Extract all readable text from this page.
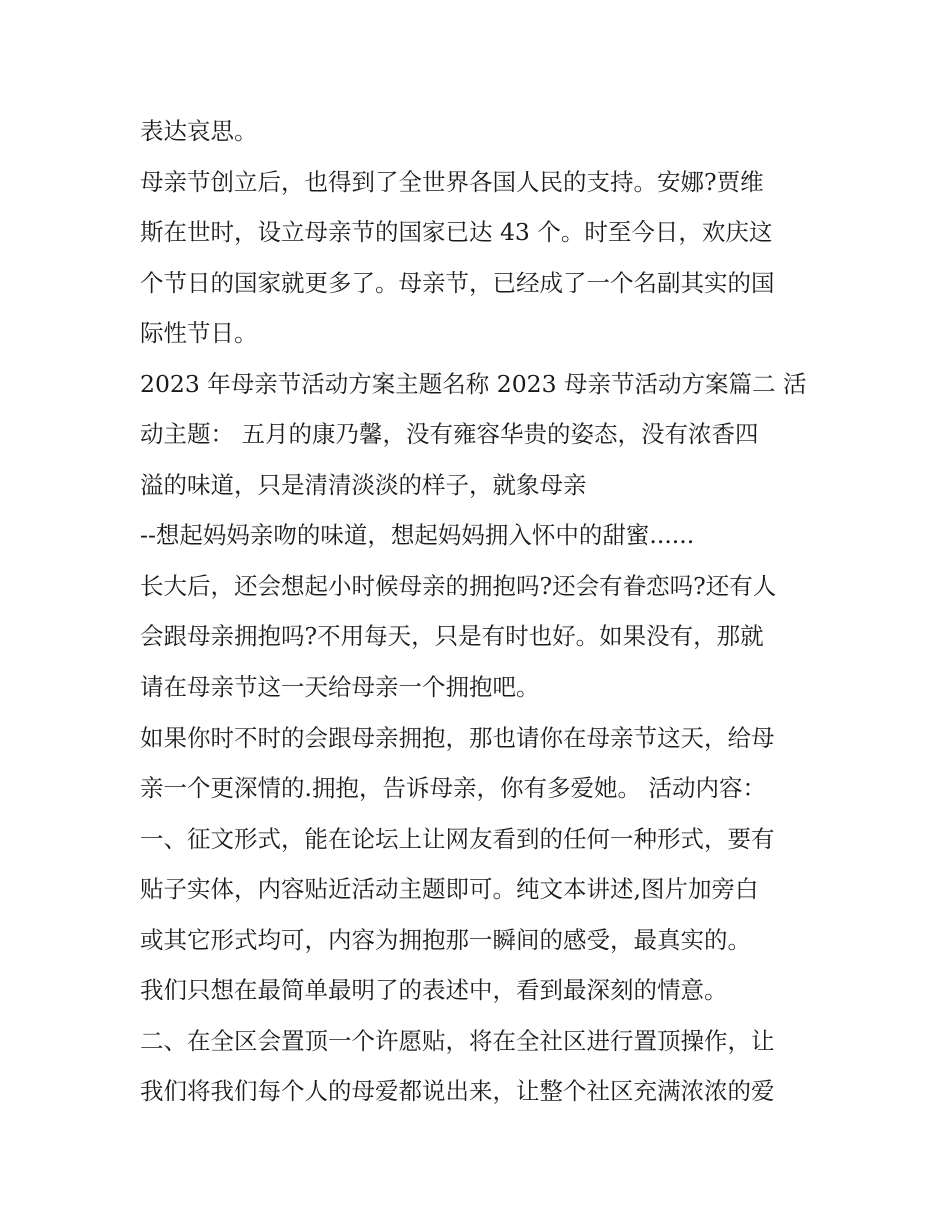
表达哀思。
母亲节创立后，也得到了全世界各国人民的支持。安娜?贾维
斯在世时，设立母亲节的国家已达 43 个。时至今日，欢庆这
个节日的国家就更多了。母亲节，已经成了一个名副其实的国
际性节日。
2023 年母亲节活动方案主题名称 2023 母亲节活动方案篇二 活
动主题： 五月的康乃馨，没有雍容华贵的姿态，没有浓香四
溢的味道，只是清清淡淡的样子，就象母亲
--想起妈妈亲吻的味道，想起妈妈拥入怀中的甜蜜......
长大后，还会想起小时候母亲的拥抱吗?还会有眷恋吗?还有人
会跟母亲拥抱吗?不用每天，只是有时也好。如果没有，那就
请在母亲节这一天给母亲一个拥抱吧。
如果你时不时的会跟母亲拥抱，那也请你在母亲节这天，给母
亲一个更深情的.拥抱，告诉母亲，你有多爱她。 活动内容：
一、征文形式，能在论坛上让网友看到的任何一种形式，要有
贴子实体，内容贴近活动主题即可。纯文本讲述,图片加旁白
或其它形式均可，内容为拥抱那一瞬间的感受，最真实的。
我们只想在最简单最明了的表述中，看到最深刻的情意。
二、在全区会置顶一个许愿贴，将在全社区进行置顶操作，让
我们将我们每个人的母爱都说出来，让整个社区充满浓浓的爱
